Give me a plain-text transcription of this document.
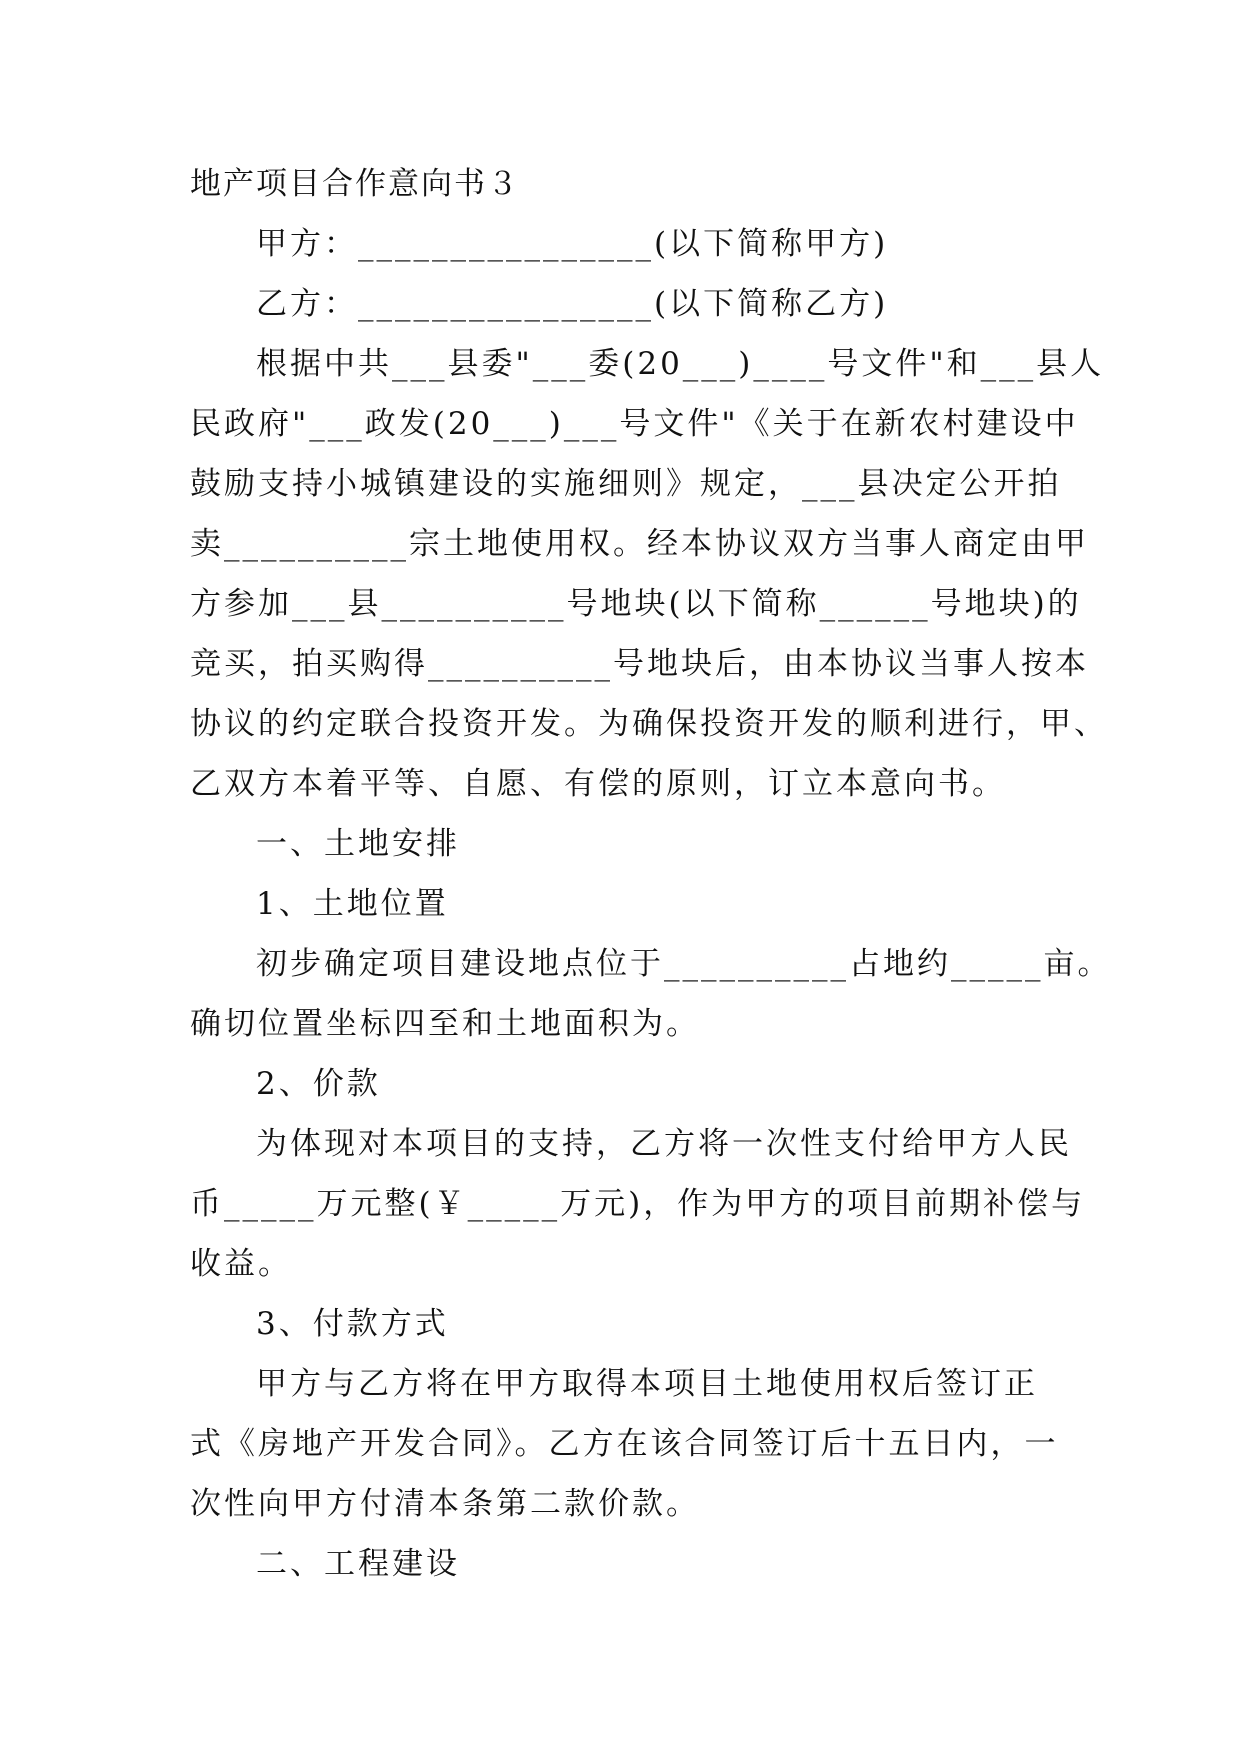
地产项目合作意向书３
甲方：________________(以下简称甲方)
乙方：________________(以下简称乙方)
根据中共___县委"___委(20___)____号文件"和___县人
民政府"___政发(20___)___号文件"《关于在新农村建设中
鼓励支持小城镇建设的实施细则》规定，___县决定公开拍
卖__________宗土地使用权。经本协议双方当事人商定由甲
方参加___县__________号地块(以下简称______号地块)的
竞买，拍买购得__________号地块后，由本协议当事人按本
协议的约定联合投资开发。为确保投资开发的顺利进行，甲、
乙双方本着平等、自愿、有偿的原则，订立本意向书。
一、土地安排
1、土地位置
初步确定项目建设地点位于__________占地约_____亩。
确切位置坐标四至和土地面积为。
2、价款
为体现对本项目的支持，乙方将一次性支付给甲方人民
币_____万元整(￥_____万元)，作为甲方的项目前期补偿与
收益。
3、付款方式
甲方与乙方将在甲方取得本项目土地使用权后签订正
式《房地产开发合同》。乙方在该合同签订后十五日内，一
次性向甲方付清本条第二款价款。
二、工程建设
